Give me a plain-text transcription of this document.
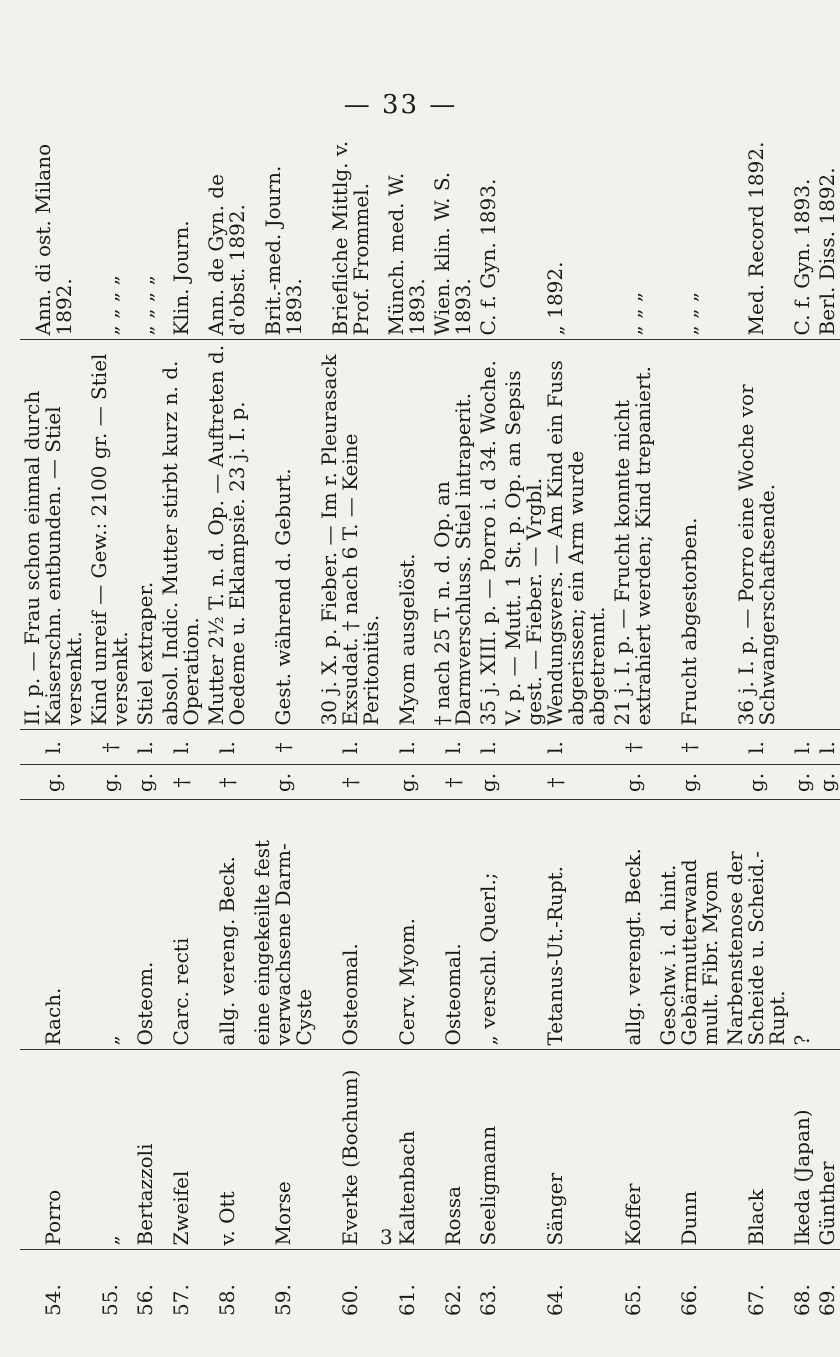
— 33 —
54.	Porro	Rach.	g.	l.	II. p. — Frau schon einmal durch Kaiserschn. entbunden. — Stiel versenkt.	Ann. di ost. Milano 1892.
55.	„	„	g.	†	Kind unreif — Gew.: 2100 gr. — Stiel versenkt.	„ „ „ „
56.	Bertazzoli	Osteom.	g.	l.	Stiel extraper.	„ „ „ „
57.	Zweifel	Carc. recti	†	l.	absol. Indic. Mutter stirbt kurz n. d. Operation.	Klin. Journ.
58.	v. Ott	allg. vereng. Beck.	†	l.	Mutter 2½ T. n. d. Op. — Auftreten d. Oedeme u. Eklampsie. 23 j. I. p.	Ann. de Gyn. de d'obst. 1892.
59.	Morse	eine eingekeilte fest verwachsene Darm-Cyste	g.	†	Gest. während d. Geburt.	Brit.-med. Journ. 1893.
60.	Everke (Bochum)	Osteomal.	†	l.	30 j. X. p. Fieber. — Im r. Pleurasack Exsudat. † nach 6 T. — Keine Peritonitis.	Briefliche Mittlg. v. Prof. Frommel.
61.	Kaltenbach	Cerv. Myom.	g.	l.	Myom ausgelöst.	Münch. med. W. 1893.
62.	Rossa	Osteomal.	†	l.	† nach 25 T. n. d. Op. an Darmverschluss. Stiel intraperit.	Wien. klin. W. S. 1893.
63.	Seeligmann	„ verschl. Querl.;	g.	l.	35 j. XIII. p. — Porro i. d 34. Woche.	C. f. Gyn. 1893.
64.	Sänger	Tetanus-Ut.-Rupt.	†	l.	V. p. — Mutt. 1 St. p. Op. an Sepsis gest. — Fieber. — Vrgbl. Wendungsvers. — Am Kind ein Fuss abgerissen; ein Arm wurde abgetrennt.	„ 1892.
65.	Koffer	allg. verengt. Beck.	g.	†	21 j. I. p. — Frucht konnte nicht extrahiert werden; Kind trepaniert.	„ „ „
66.	Dunn	Geschw. i. d. hint. Gebärmutterwand mult. Fibr. Myom	g.	†	Frucht abgestorben.	„ „ „
67.	Black	Narbenstenose der Scheide u. Scheid.-Rupt.	g.	l.	36 j. I. p. — Porro eine Woche vor Schwangerschaftsende.	Med. Record 1892.
68.	Ikeda (Japan)	?	g.	l.		C. f. Gyn. 1893.
69.	Günther		g.	l.		Berl. Diss. 1892.
3
